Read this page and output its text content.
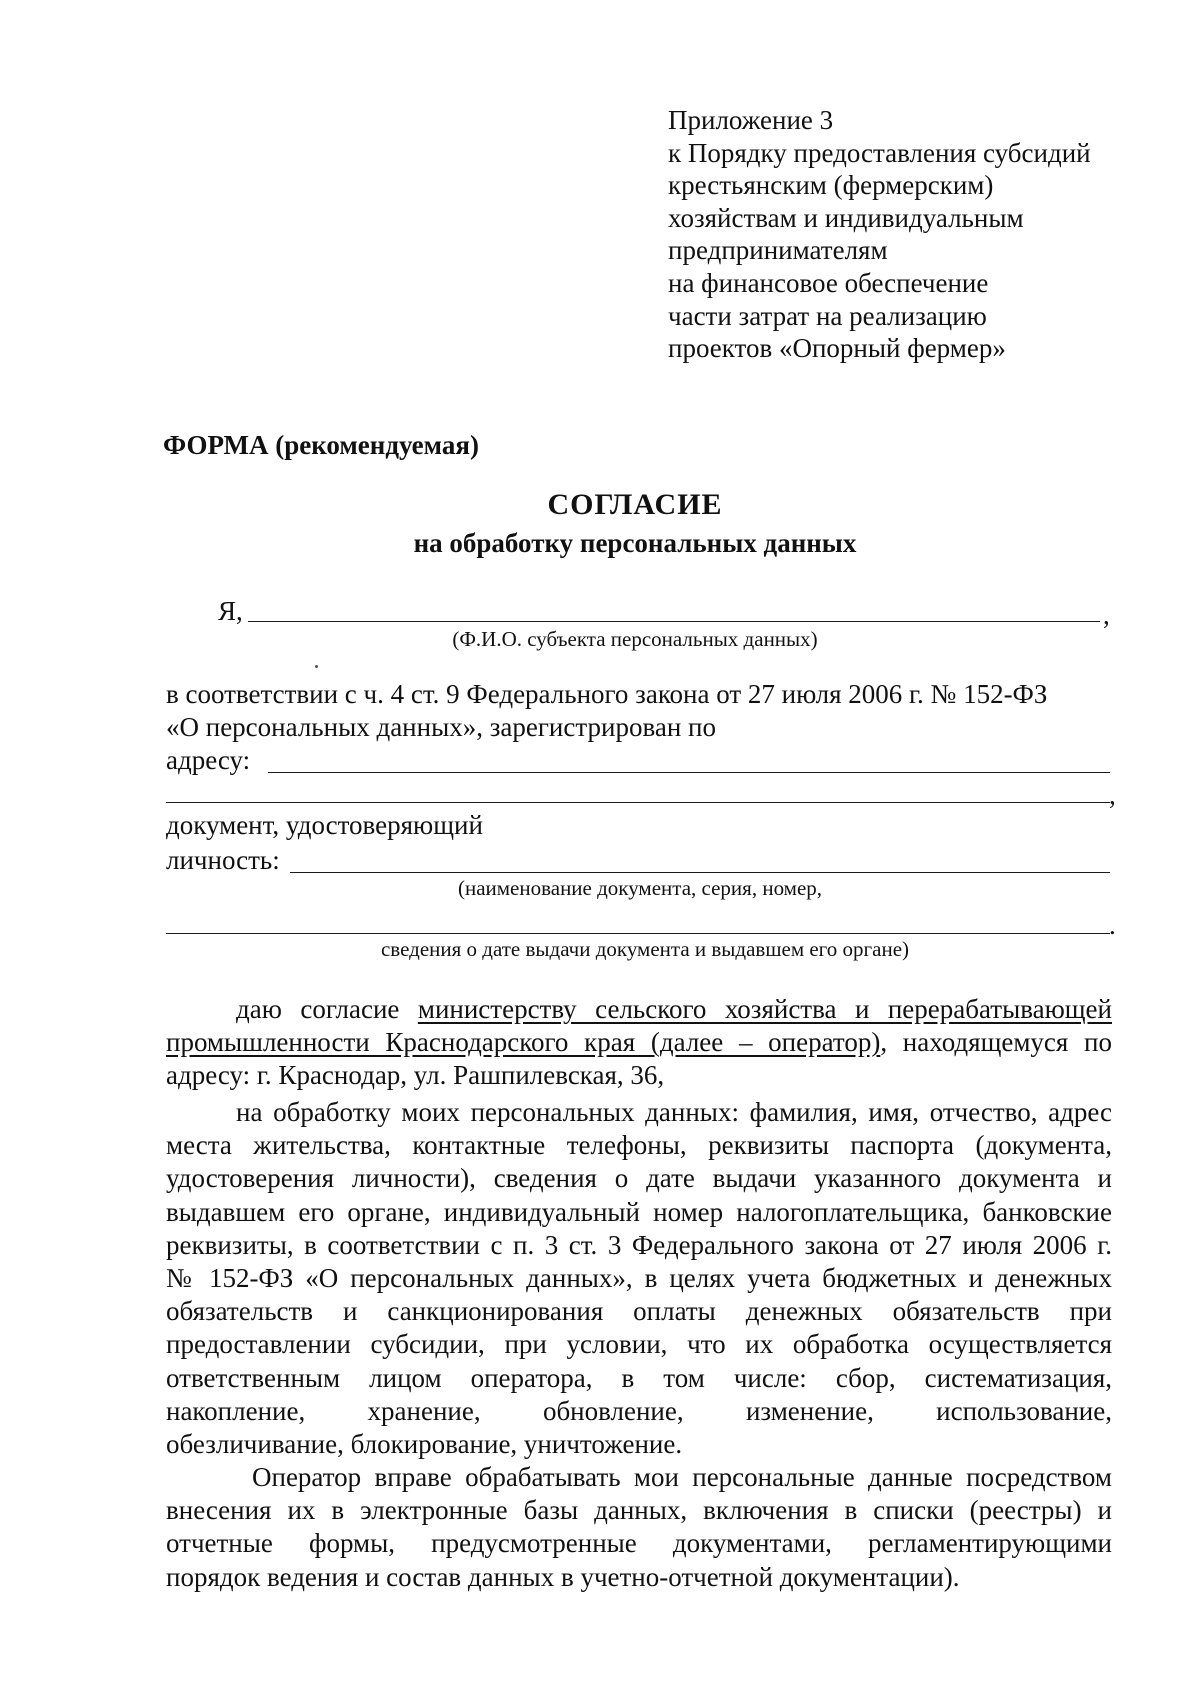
Приложение 3
к Порядку предоставления субсидий
крестьянским (фермерским)
хозяйствам и индивидуальным
предпринимателям
на финансовое обеспечение
части затрат на реализацию
проектов «Опорный фермер»
ФОРМА (рекомендуемая)
СОГЛАСИЕ
на обработку персональных данных
Я,	,
(Ф.И.О. субъекта персональных данных)
в соответствии с ч. 4 ст. 9 Федерального закона от 27 июля 2006 г. № 152-ФЗ
«О персональных данных», зарегистрирован по
адресу:
,
документ, удостоверяющий
личность:
(наименование документа, серия, номер,
.
сведения о дате выдачи документа и выдавшем его органе)
даю согласие министерству сельского хозяйства и перерабатывающей
промышленности Краснодарского края (далее – оператор), находящемуся по
адресу: г. Краснодар, ул. Рашпилевская, 36,
на обработку моих персональных данных: фамилия, имя, отчество, адрес
места жительства, контактные телефоны, реквизиты паспорта (документа,
удостоверения личности), сведения о дате выдачи указанного документа и
выдавшем его органе, индивидуальный номер налогоплательщика, банковские
реквизиты, в соответствии с п. 3 ст. 3 Федерального закона от 27 июля 2006 г.
№ 152-ФЗ «О персональных данных», в целях учета бюджетных и денежных
обязательств и санкционирования оплаты денежных обязательств при
предоставлении субсидии, при условии, что их обработка осуществляется
ответственным лицом оператора, в том числе: сбор, систематизация,
накопление, хранение, обновление, изменение, использование,
обезличивание, блокирование, уничтожение.
Оператор вправе обрабатывать мои персональные данные посредством
внесения их в электронные базы данных, включения в списки (реестры) и
отчетные формы, предусмотренные документами, регламентирующими
порядок ведения и состав данных в учетно-отчетной документации).
